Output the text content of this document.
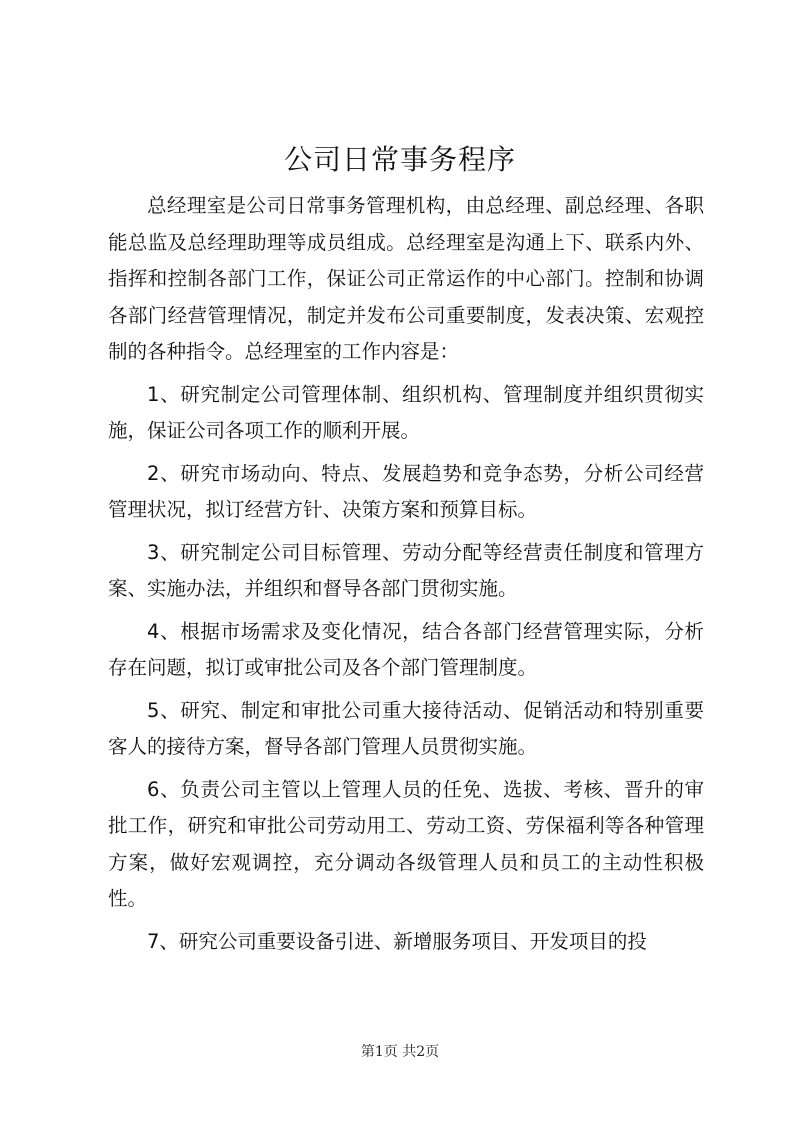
公司日常事务程序

总经理室是公司日常事务管理机构，由总经理、副总经理、各职能总监及总经理助理等成员组成。总经理室是沟通上下、联系内外、指挥和控制各部门工作，保证公司正常运作的中心部门。控制和协调各部门经营管理情况，制定并发布公司重要制度，发表决策、宏观控制的各种指令。总经理室的工作内容是：

1、研究制定公司管理体制、组织机构、管理制度并组织贯彻实施，保证公司各项工作的顺利开展。

2、研究市场动向、特点、发展趋势和竞争态势，分析公司经营管理状况，拟订经营方针、决策方案和预算目标。

3、研究制定公司目标管理、劳动分配等经营责任制度和管理方案、实施办法，并组织和督导各部门贯彻实施。

4、根据市场需求及变化情况，结合各部门经营管理实际，分析存在问题，拟订或审批公司及各个部门管理制度。

5、研究、制定和审批公司重大接待活动、促销活动和特别重要客人的接待方案，督导各部门管理人员贯彻实施。

6、负责公司主管以上管理人员的任免、选拔、考核、晋升的审批工作，研究和审批公司劳动用工、劳动工资、劳保福利等各种管理方案，做好宏观调控，充分调动各级管理人员和员工的主动性积极性。

7、研究公司重要设备引进、新增服务项目、开发项目的投

第1页 共2页
